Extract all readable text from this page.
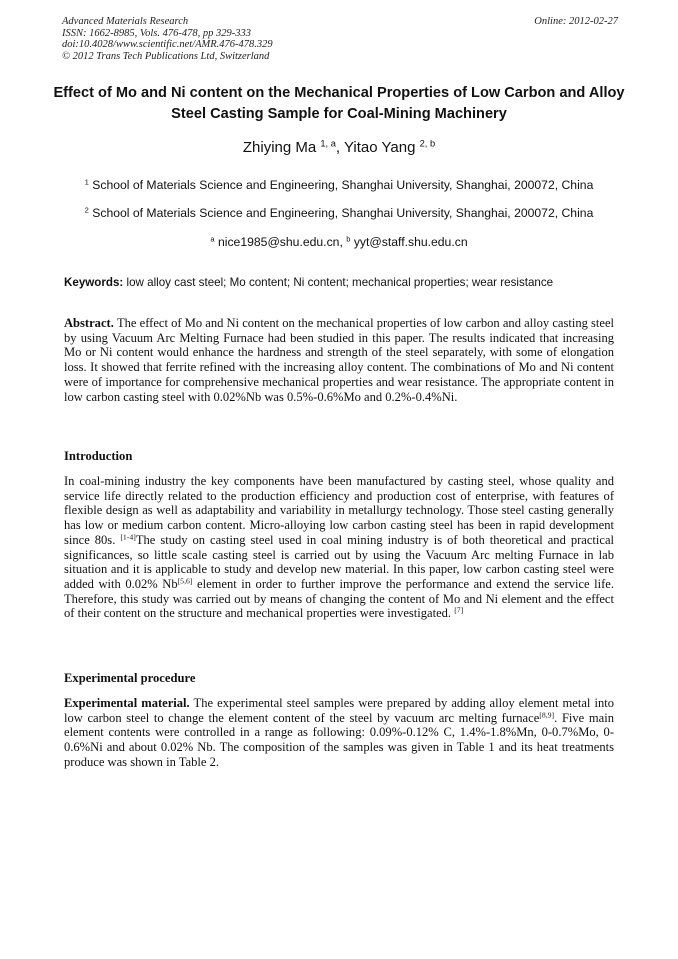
Advanced Materials Research
ISSN: 1662-8985, Vols. 476-478, pp 329-333
doi:10.4028/www.scientific.net/AMR.476-478.329
© 2012 Trans Tech Publications Ltd, Switzerland
Online: 2012-02-27
Effect of Mo and Ni content on the Mechanical Properties of Low Carbon and Alloy Steel Casting Sample for Coal-Mining Machinery
Zhiying Ma $^{1, a}$, Yitao Yang $^{2, b}$
$^1$ School of Materials Science and Engineering, Shanghai University, Shanghai, 200072, China
$^2$ School of Materials Science and Engineering, Shanghai University, Shanghai, 200072, China
$^a$ nice1985@shu.edu.cn, $^b$ yyt@staff.shu.edu.cn
Keywords: low alloy cast steel; Mo content; Ni content; mechanical properties; wear resistance
Abstract. The effect of Mo and Ni content on the mechanical properties of low carbon and alloy casting steel by using Vacuum Arc Melting Furnace had been studied in this paper. The results indicated that increasing Mo or Ni content would enhance the hardness and strength of the steel separately, with some of elongation loss. It showed that ferrite refined with the increasing alloy content. The combinations of Mo and Ni content were of importance for comprehensive mechanical properties and wear resistance. The appropriate content in low carbon casting steel with 0.02%Nb was 0.5%-0.6%Mo and 0.2%-0.4%Ni.
Introduction
In coal-mining industry the key components have been manufactured by casting steel, whose quality and service life directly related to the production efficiency and production cost of enterprise, with features of flexible design as well as adaptability and variability in metallurgy technology. Those steel casting generally has low or medium carbon content. Micro-alloying low carbon casting steel has been in rapid development since 80s. [1-4]The study on casting steel used in coal mining industry is of both theoretical and practical significances, so little scale casting steel is carried out by using the Vacuum Arc melting Furnace in lab situation and it is applicable to study and develop new material. In this paper, low carbon casting steel were added with 0.02% Nb[5,6] element in order to further improve the performance and extend the service life. Therefore, this study was carried out by means of changing the content of Mo and Ni element and the effect of their content on the structure and mechanical properties were investigated. [7]
Experimental procedure
Experimental material. The experimental steel samples were prepared by adding alloy element metal into low carbon steel to change the element content of the steel by vacuum arc melting furnace[8,9]. Five main element contents were controlled in a range as following: 0.09%-0.12% C, 1.4%-1.8%Mn, 0-0.7%Mo, 0-0.6%Ni and about 0.02% Nb. The composition of the samples was given in Table 1 and its heat treatments produce was shown in Table 2.
